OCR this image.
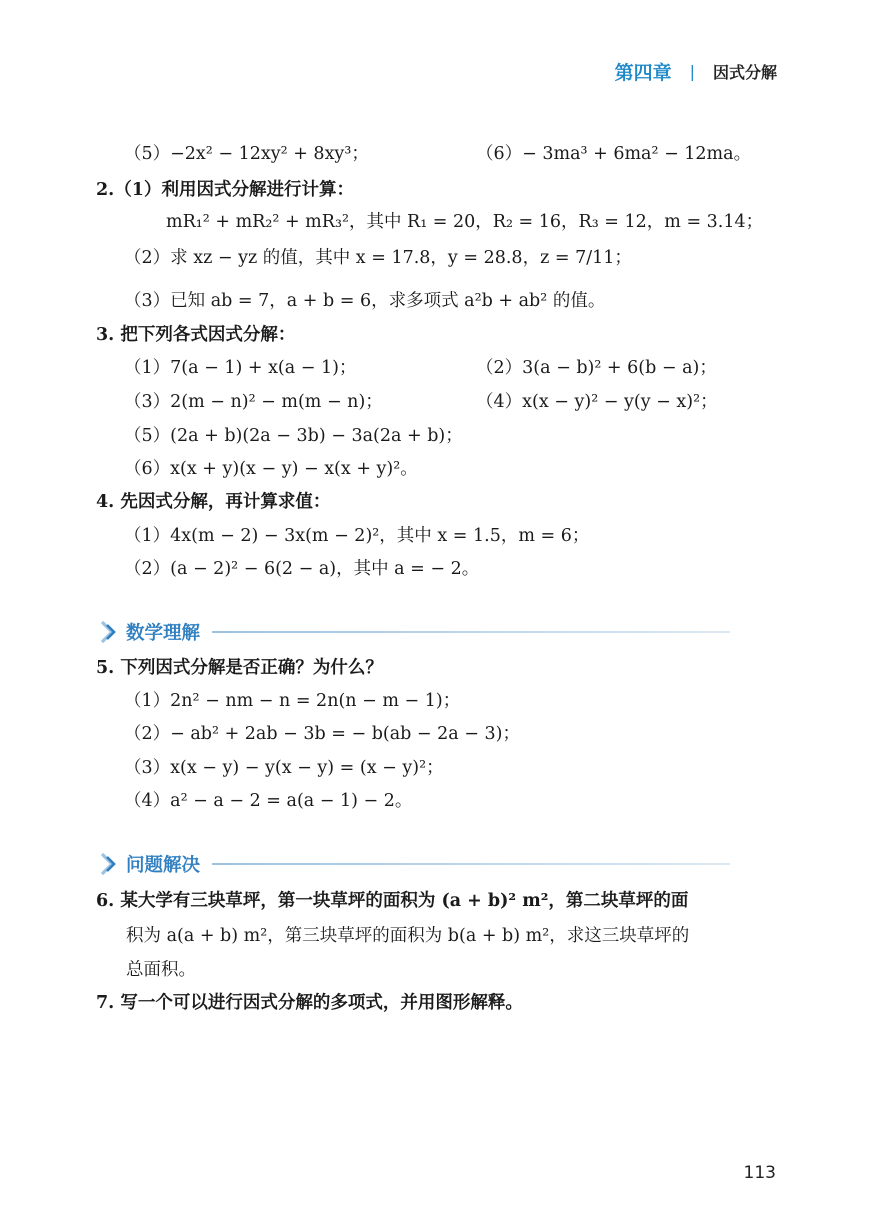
第四章 | 因式分解
（5）−2x² − 12xy² + 8xy³；	（6）− 3ma³ + 6ma² − 12ma。
2.（1）利用因式分解进行计算：
mR₁² + mR₂² + mR₃²，其中 R₁ = 20，R₂ = 16，R₃ = 12，m = 3.14；
（2）求 xz − yz 的值，其中 x = 17.8，y = 28.8，z = 7/11；
（3）已知 ab = 7，a + b = 6，求多项式 a²b + ab² 的值。
3. 把下列各式因式分解：
（1）7(a − 1) + x(a − 1)；	（2）3(a − b)² + 6(b − a)；
（3）2(m − n)² − m(m − n)；	（4）x(x − y)² − y(y − x)²；
（5）(2a + b)(2a − 3b) − 3a(2a + b)；
（6）x(x + y)(x − y) − x(x + y)²。
4. 先因式分解，再计算求值：
（1）4x(m − 2) − 3x(m − 2)²，其中 x = 1.5，m = 6；
（2）(a − 2)² − 6(2 − a)，其中 a = − 2。
数学理解
5. 下列因式分解是否正确？为什么？
（1）2n² − nm − n = 2n(n − m − 1)；
（2）− ab² + 2ab − 3b = − b(ab − 2a − 3)；
（3）x(x − y) − y(x − y) = (x − y)²；
（4）a² − a − 2 = a(a − 1) − 2。
问题解决
6. 某大学有三块草坪，第一块草坪的面积为 (a + b)² m²，第二块草坪的面
积为 a(a + b) m²，第三块草坪的面积为 b(a + b) m²，求这三块草坪的
总面积。
7. 写一个可以进行因式分解的多项式，并用图形解释。
113
